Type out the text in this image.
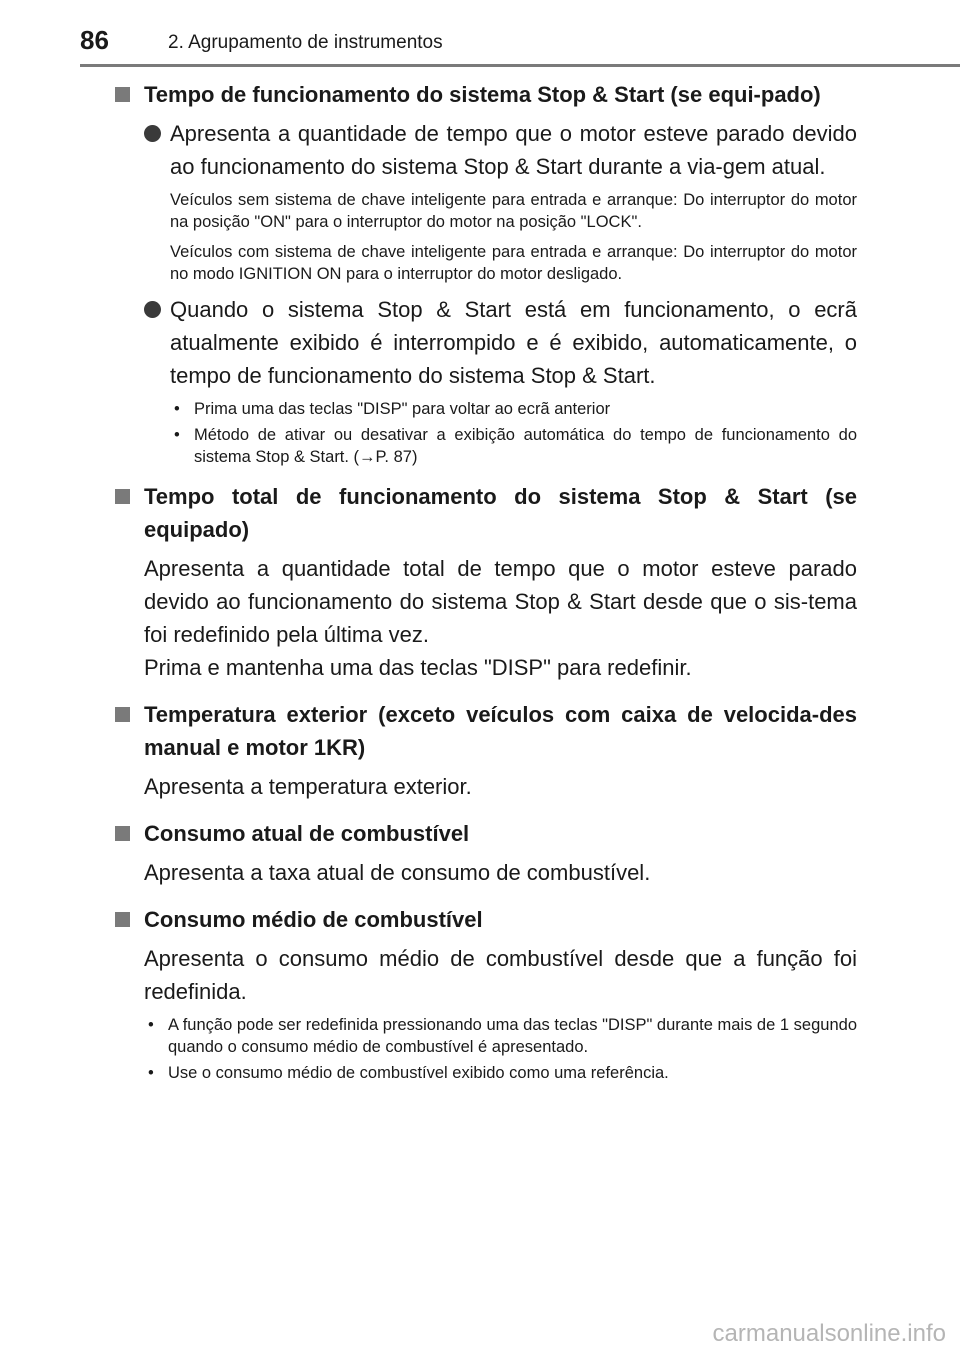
86	2. Agrupamento de instrumentos
Tempo de funcionamento do sistema Stop & Start (se equi-pado)
Apresenta a quantidade de tempo que o motor esteve parado devido ao funcionamento do sistema Stop & Start durante a via-gem atual.
Veículos sem sistema de chave inteligente para entrada e arranque: Do interruptor do motor na posição "ON" para o interruptor do motor na posição "LOCK".
Veículos com sistema de chave inteligente para entrada e arranque: Do interruptor do motor no modo IGNITION ON para o interruptor do motor desligado.
Quando o sistema Stop & Start está em funcionamento, o ecrã atualmente exibido é interrompido e é exibido, automaticamente, o tempo de funcionamento do sistema Stop & Start.
• Prima uma das teclas "DISP" para voltar ao ecrã anterior
• Método de ativar ou desativar a exibição automática do tempo de funcionamento do sistema Stop & Start. (→P. 87)
Tempo total de funcionamento do sistema Stop & Start (se equipado)
Apresenta a quantidade total de tempo que o motor esteve parado devido ao funcionamento do sistema Stop & Start desde que o sis-tema foi redefinido pela última vez.
Prima e mantenha uma das teclas "DISP" para redefinir.
Temperatura exterior (exceto veículos com caixa de velocida-des manual e motor 1KR)
Apresenta a temperatura exterior.
Consumo atual de combustível
Apresenta a taxa atual de consumo de combustível.
Consumo médio de combustível
Apresenta o consumo médio de combustível desde que a função foi redefinida.
• A função pode ser redefinida pressionando uma das teclas "DISP" durante mais de 1 segundo quando o consumo médio de combustível é apresentado.
• Use o consumo médio de combustível exibido como uma referência.
carmanualsonline.info
